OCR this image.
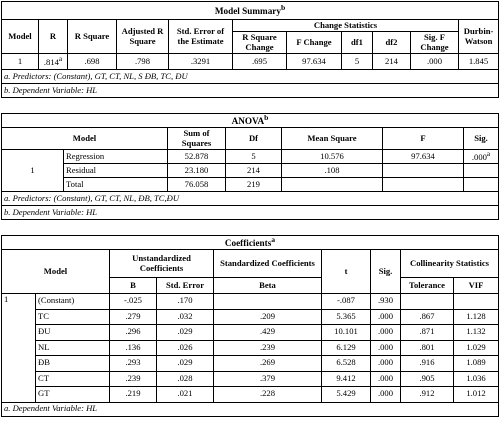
Model Summary$^b$
Model	R	R Square	Adjusted R Square	Std. Error of the Estimate	Change Statistics					Durbin-Watson
					R Square Change	F Change	df1	df2	Sig. F Change	
1	.814$^a$	.698	.798	.3291	.695	97.634	5	214	.000	1.845
a. Predictors: (Constant), GT, CT, NL, S ĐB, TC, ĐU										
b. Dependent Variable: HL										
ANOVA$^b$
Model		Sum of Squares	Df	Mean Square	F	Sig.
1	Regression	52.878	5	10.576	97.634	.000$^a$
	Residual	23.180	214	.108		
	Total	76.058	219			
a. Predictors: (Constant), GT, CT, NL, ĐB, TC,ĐU						
b. Dependent Variable: HL						
Coefficients$^a$
Model		Unstandardized Coefficients		Standardized Coefficients	t	Sig.	Collinearity Statistics	
		B	Std. Error	Beta			Tolerance	VIF
1	(Constant)	-.025	.170		-.087	.930		
	TC	.279	.032	.209	5.365	.000	.867	1.128
	ĐU	.296	.029	.429	10.101	.000	.871	1.132
	NL	.136	.026	.239	6.129	.000	.801	1.029
	ĐB	.293	.029	.269	6.528	.000	.916	1.089
	CT	.239	.028	.379	9.412	.000	.905	1.036
	GT	.219	.021	.228	5.429	.000	.912	1.012
a. Dependent Variable: HL								
